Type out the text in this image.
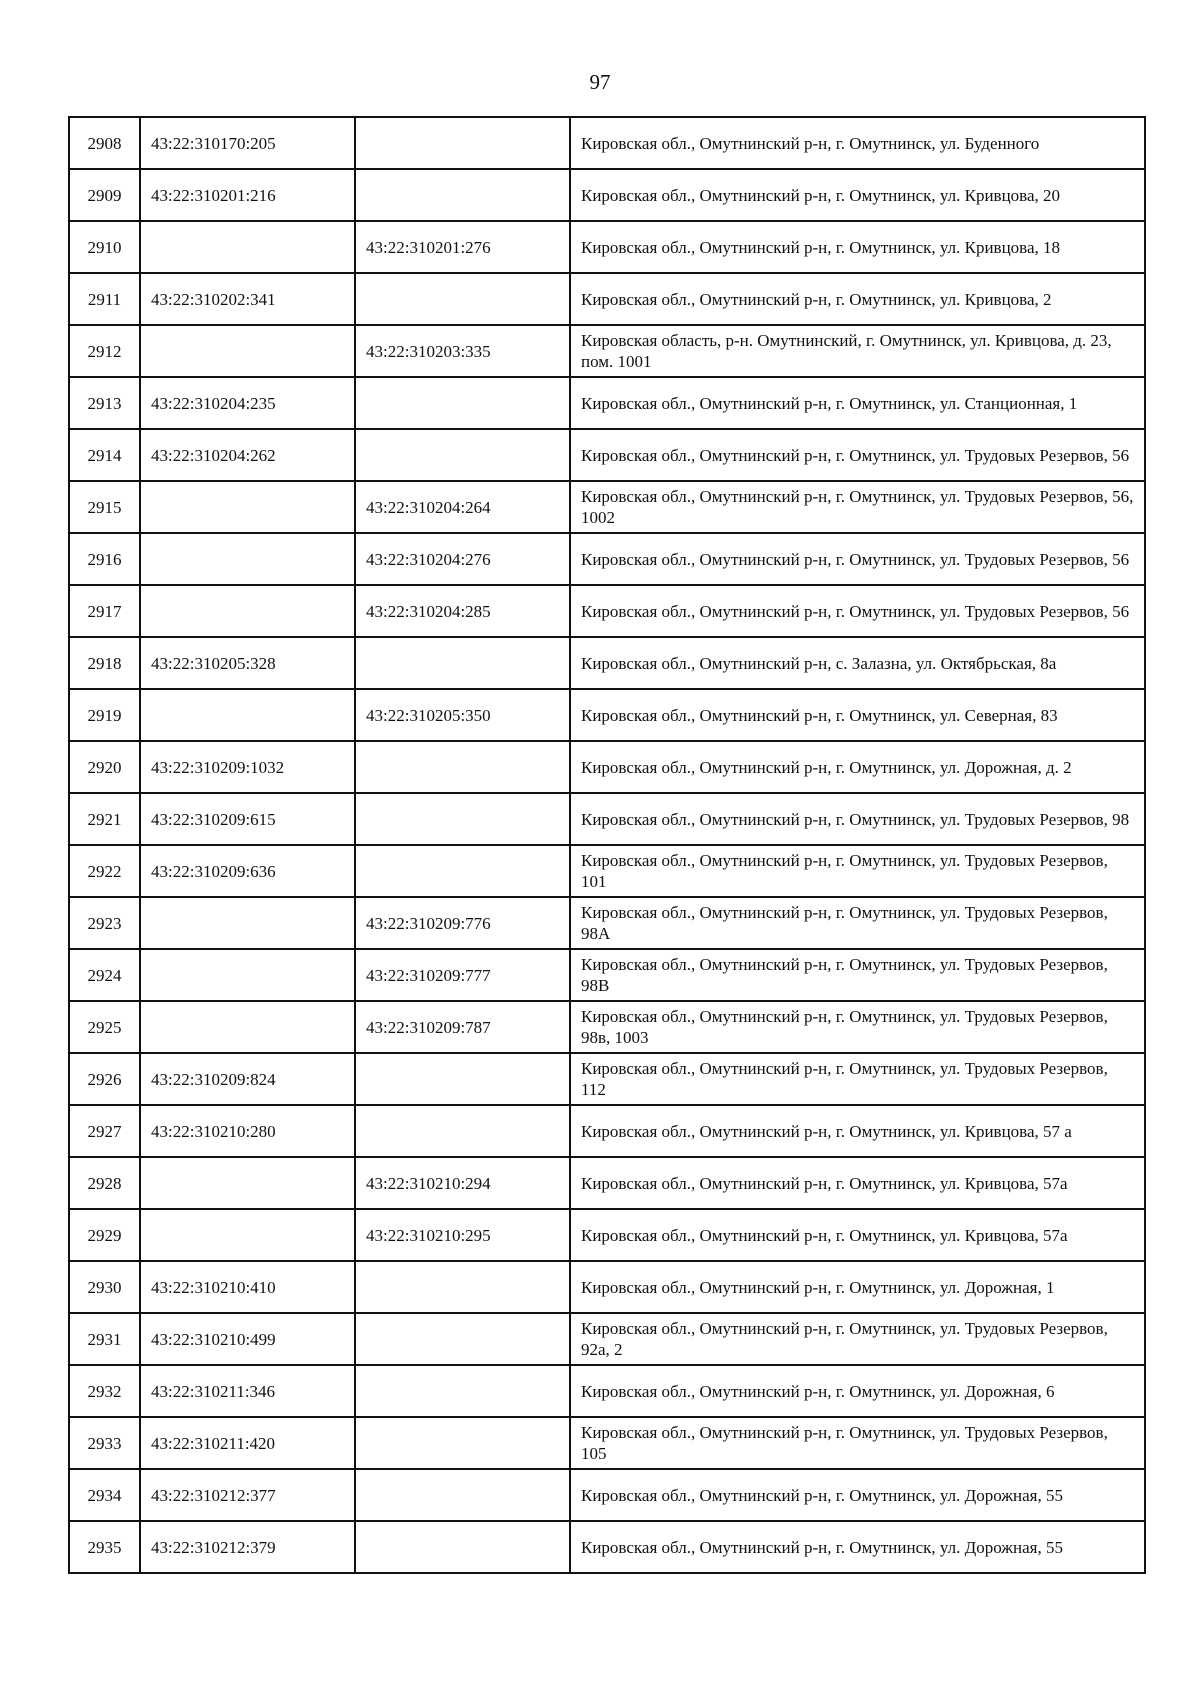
97
2908	43:22:310170:205		Кировская обл., Омутнинский р-н, г. Омутнинск, ул. Буденного
2909	43:22:310201:216		Кировская обл., Омутнинский р-н, г. Омутнинск, ул. Кривцова, 20
2910		43:22:310201:276	Кировская обл., Омутнинский р-н, г. Омутнинск, ул. Кривцова, 18
2911	43:22:310202:341		Кировская обл., Омутнинский р-н, г. Омутнинск, ул. Кривцова, 2
2912		43:22:310203:335	Кировская область, р-н. Омутнинский, г. Омутнинск, ул. Кривцова, д. 23, пом. 1001
2913	43:22:310204:235		Кировская обл., Омутнинский р-н, г. Омутнинск, ул. Станционная, 1
2914	43:22:310204:262		Кировская обл., Омутнинский р-н, г. Омутнинск, ул. Трудовых Резервов, 56
2915		43:22:310204:264	Кировская обл., Омутнинский р-н, г. Омутнинск, ул. Трудовых Резервов, 56, 1002
2916		43:22:310204:276	Кировская обл., Омутнинский р-н, г. Омутнинск, ул. Трудовых Резервов, 56
2917		43:22:310204:285	Кировская обл., Омутнинский р-н, г. Омутнинск, ул. Трудовых Резервов, 56
2918	43:22:310205:328		Кировская обл., Омутнинский р-н, с. Залазна, ул. Октябрьская, 8а
2919		43:22:310205:350	Кировская обл., Омутнинский р-н, г. Омутнинск, ул. Северная, 83
2920	43:22:310209:1032		Кировская обл., Омутнинский р-н, г. Омутнинск, ул. Дорожная, д. 2
2921	43:22:310209:615		Кировская обл., Омутнинский р-н, г. Омутнинск, ул. Трудовых Резервов, 98
2922	43:22:310209:636		Кировская обл., Омутнинский р-н, г. Омутнинск, ул. Трудовых Резервов, 101
2923		43:22:310209:776	Кировская обл., Омутнинский р-н, г. Омутнинск, ул. Трудовых Резервов, 98А
2924		43:22:310209:777	Кировская обл., Омутнинский р-н, г. Омутнинск, ул. Трудовых Резервов, 98В
2925		43:22:310209:787	Кировская обл., Омутнинский р-н, г. Омутнинск, ул. Трудовых Резервов, 98в, 1003
2926	43:22:310209:824		Кировская обл., Омутнинский р-н, г. Омутнинск, ул. Трудовых Резервов, 112
2927	43:22:310210:280		Кировская обл., Омутнинский р-н, г. Омутнинск, ул. Кривцова, 57 а
2928		43:22:310210:294	Кировская обл., Омутнинский р-н, г. Омутнинск, ул. Кривцова, 57а
2929		43:22:310210:295	Кировская обл., Омутнинский р-н, г. Омутнинск, ул. Кривцова, 57а
2930	43:22:310210:410		Кировская обл., Омутнинский р-н, г. Омутнинск, ул. Дорожная, 1
2931	43:22:310210:499		Кировская обл., Омутнинский р-н, г. Омутнинск, ул. Трудовых Резервов, 92а, 2
2932	43:22:310211:346		Кировская обл., Омутнинский р-н, г. Омутнинск, ул. Дорожная, 6
2933	43:22:310211:420		Кировская обл., Омутнинский р-н, г. Омутнинск, ул. Трудовых Резервов, 105
2934	43:22:310212:377		Кировская обл., Омутнинский р-н, г. Омутнинск, ул. Дорожная, 55
2935	43:22:310212:379		Кировская обл., Омутнинский р-н, г. Омутнинск, ул. Дорожная, 55
